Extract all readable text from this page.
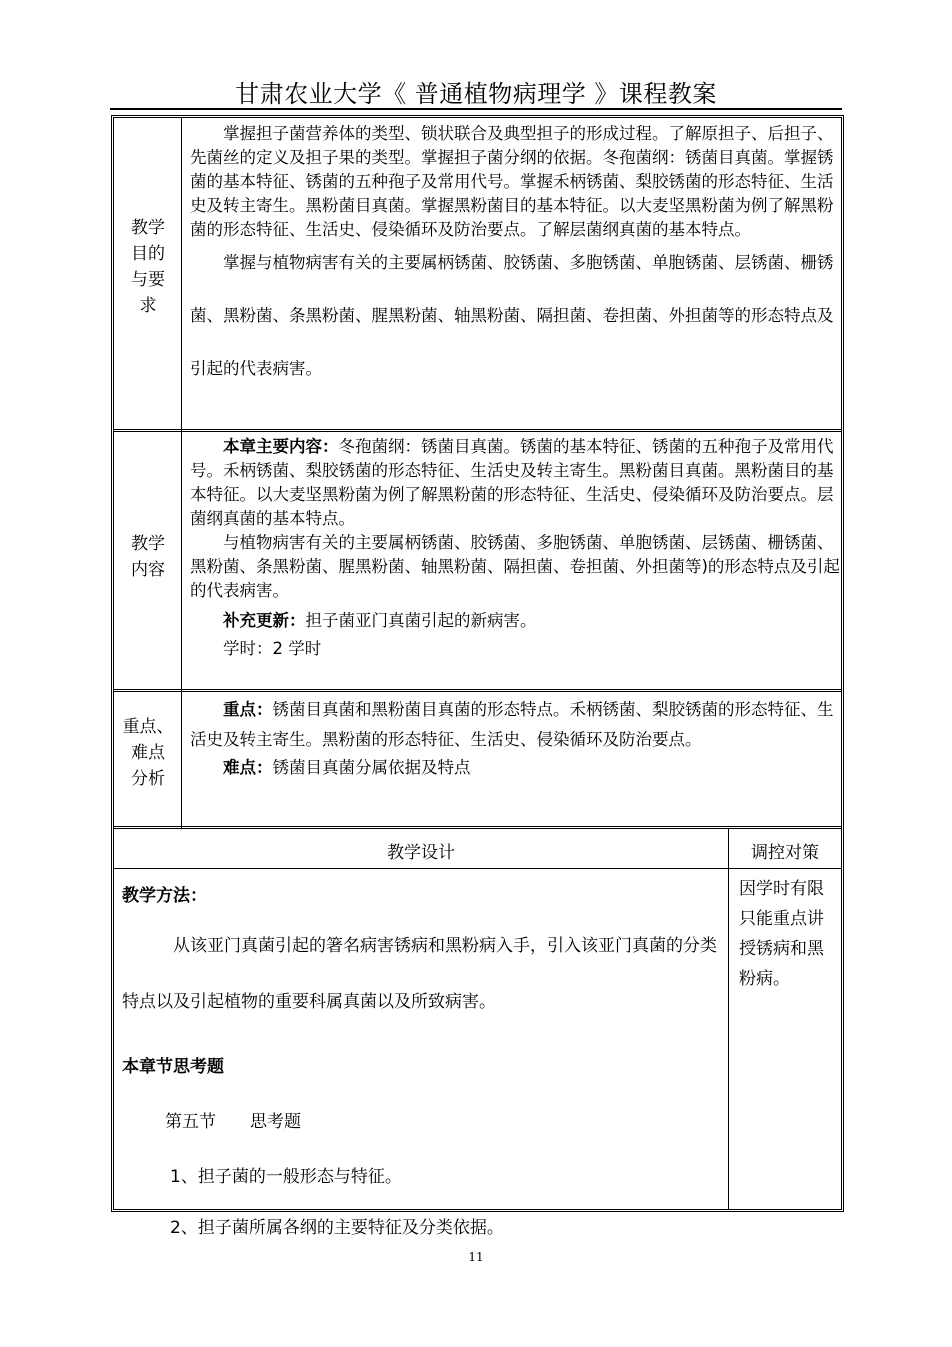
甘肃农业大学《 普通植物病理学 》课程教案
教学
目的
与要
求

掌握担子菌营养体的类型、锁状联合及典型担子的形成过程。了解原担子、后担子、先菌丝的定义及担子果的类型。掌握担子菌分纲的依据。冬孢菌纲：锈菌目真菌。掌握锈菌的基本特征、锈菌的五种孢子及常用代号。掌握禾柄锈菌、梨胶锈菌的形态特征、生活史及转主寄生。黑粉菌目真菌。掌握黑粉菌目的基本特征。以大麦坚黑粉菌为例了解黑粉菌的形态特征、生活史、侵染循环及防治要点。了解层菌纲真菌的基本特点。

掌握与植物病害有关的主要属柄锈菌、胶锈菌、多胞锈菌、单胞锈菌、层锈菌、栅锈菌、黑粉菌、条黑粉菌、腥黑粉菌、轴黑粉菌、隔担菌、卷担菌、外担菌等的形态特点及引起的代表病害。

教学
内容

本章主要内容：冬孢菌纲：锈菌目真菌。锈菌的基本特征、锈菌的五种孢子及常用代号。禾柄锈菌、梨胶锈菌的形态特征、生活史及转主寄生。黑粉菌目真菌。黑粉菌目的基本特征。以大麦坚黑粉菌为例了解黑粉菌的形态特征、生活史、侵染循环及防治要点。层菌纲真菌的基本特点。

与植物病害有关的主要属柄锈菌、胶锈菌、多胞锈菌、单胞锈菌、层锈菌、栅锈菌、黑粉菌、条黑粉菌、腥黑粉菌、轴黑粉菌、隔担菌、卷担菌、外担菌等)的形态特点及引起的代表病害。

补充更新：担子菌亚门真菌引起的新病害。

学时：2 学时

重点、
难点
分析

重点：锈菌目真菌和黑粉菌目真菌的形态特点。禾柄锈菌、梨胶锈菌的形态特征、生活史及转主寄生。黑粉菌的形态特征、生活史、侵染循环及防治要点。

难点：锈菌目真菌分属依据及特点

教学设计	调控对策

教学方法：

从该亚门真菌引起的箸名病害锈病和黑粉病入手，引入该亚门真菌的分类特点以及引起植物的重要科属真菌以及所致病害。

本章节思考题

第五节 思考题

1、担子菌的一般形态与特征。

2、担子菌所属各纲的主要特征及分类依据。

因学时有限只能重点讲授锈病和黑粉病。
11
